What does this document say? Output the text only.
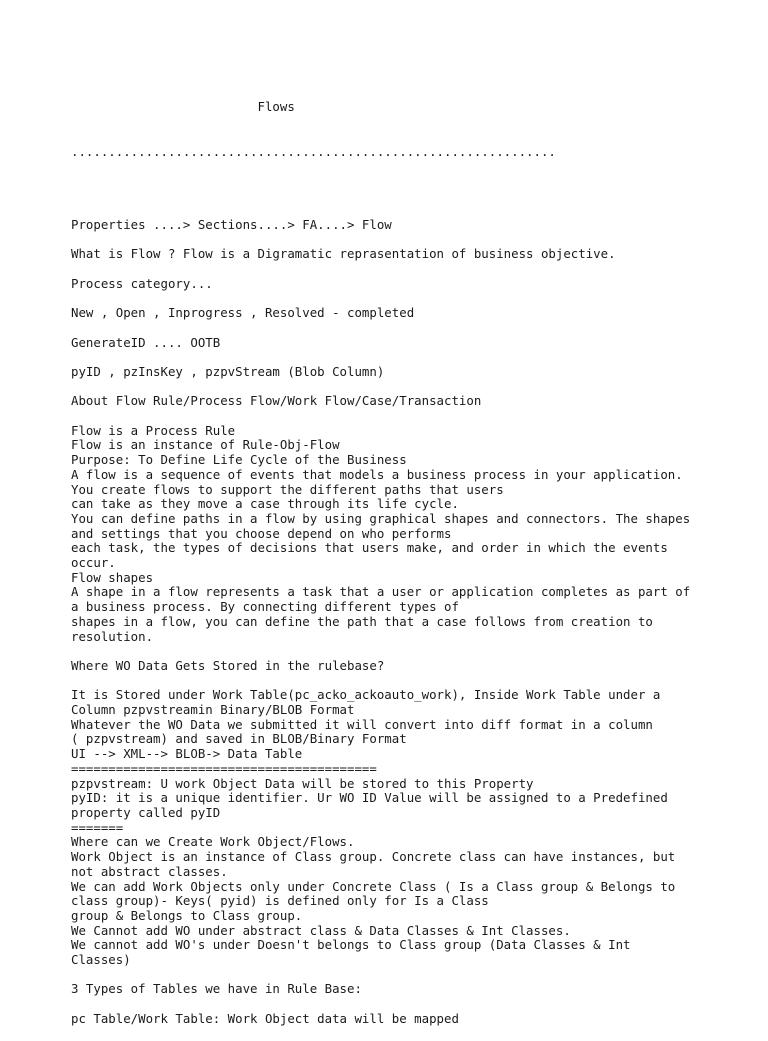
Flows

.................................................................

Properties ....> Sections....> FA....> Flow
What is Flow ? Flow is a Digramatic reprasentation of business objective.
Process category...
New , Open , Inprogress , Resolved - completed
GenerateID .... OOTB
pyID , pzInsKey , pzpvStream (Blob Column)
About Flow Rule/Process Flow/Work Flow/Case/Transaction
Flow is a Process Rule
Flow is an instance of Rule-Obj-Flow
Purpose: To Define Life Cycle of the Business
A flow is a sequence of events that models a business process in your application.
You create flows to support the different paths that users
can take as they move a case through its life cycle.
You can define paths in a flow by using graphical shapes and connectors. The shapes
and settings that you choose depend on who performs
each task, the types of decisions that users make, and order in which the events
occur.
Flow shapes
A shape in a flow represents a task that a user or application completes as part of
a business process. By connecting different types of
shapes in a flow, you can define the path that a case follows from creation to
resolution.
Where WO Data Gets Stored in the rulebase?
It is Stored under Work Table(pc_acko_ackoauto_work), Inside Work Table under a
Column pzpvstreamin Binary/BLOB Format
Whatever the WO Data we submitted it will convert into diff format in a column
( pzpvstream) and saved in BLOB/Binary Format
UI --> XML--> BLOB-> Data Table
=========================================
pzpvstream: U work Object Data will be stored to this Property
pyID: it is a unique identifier. Ur WO ID Value will be assigned to a Predefined
property called pyID
=======
Where can we Create Work Object/Flows.
Work Object is an instance of Class group. Concrete class can have instances, but
not abstract classes.
We can add Work Objects only under Concrete Class ( Is a Class group & Belongs to
class group)- Keys( pyid) is defined only for Is a Class
group & Belongs to Class group.
We Cannot add WO under abstract class & Data Classes & Int Classes.
We cannot add WO's under Doesn't belongs to Class group (Data Classes & Int
Classes)
3 Types of Tables we have in Rule Base:
pc Table/Work Table: Work Object data will be mapped
